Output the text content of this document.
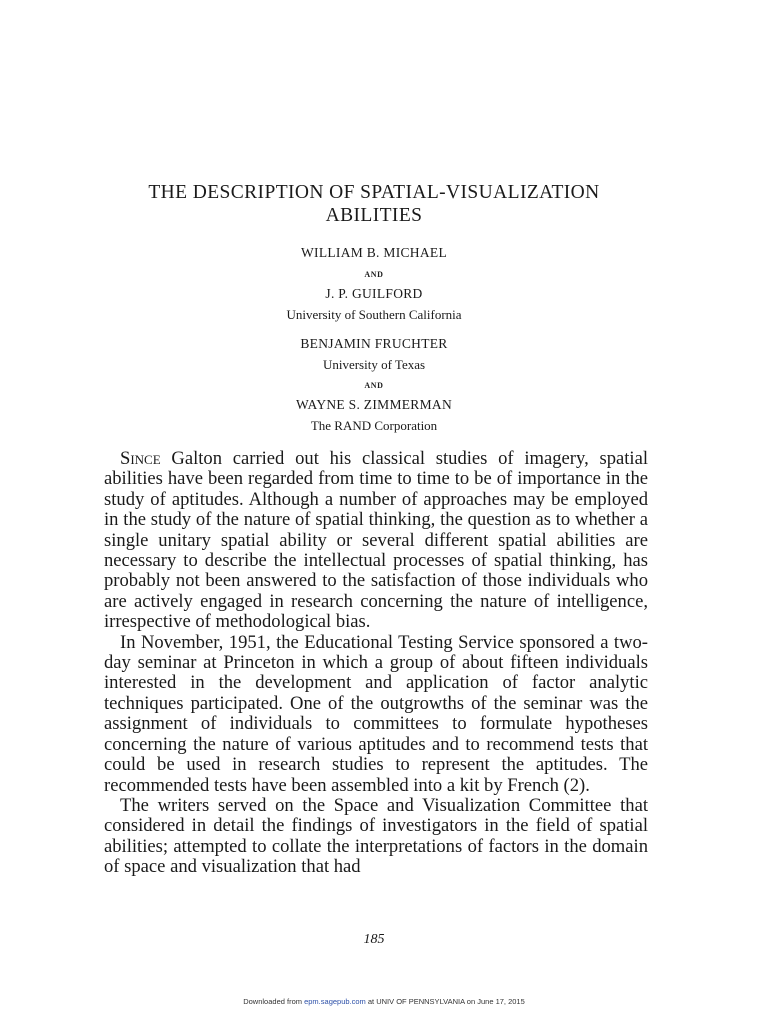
THE DESCRIPTION OF SPATIAL-VISUALIZATION
ABILITIES
WILLIAM B. MICHAEL
AND
J. P. GUILFORD
University of Southern California
BENJAMIN FRUCHTER
University of Texas
AND
WAYNE S. ZIMMERMAN
The RAND Corporation

Since Galton carried out his classical studies of imagery, spatial abilities have been regarded from time to time to be of importance in the study of aptitudes. Although a number of approaches may be employed in the study of the nature of spatial thinking, the question as to whether a single unitary spatial ability or several different spatial abilities are necessary to describe the intellectual processes of spatial thinking, has probably not been answered to the satisfaction of those individuals who are actively engaged in research concerning the nature of intelligence, irrespective of methodological bias.

In November, 1951, the Educational Testing Service sponsored a two-day seminar at Princeton in which a group of about fifteen individuals interested in the development and application of factor analytic techniques participated. One of the outgrowths of the seminar was the assignment of individuals to committees to formulate hypotheses concerning the nature of various aptitudes and to recommend tests that could be used in research studies to represent the aptitudes. The recommended tests have been assembled into a kit by French (2).

The writers served on the Space and Visualization Committee that considered in detail the findings of investigators in the field of spatial abilities; attempted to collate the interpretations of factors in the domain of space and visualization that had

185
Downloaded from epm.sagepub.com at UNIV OF PENNSYLVANIA on June 17, 2015
